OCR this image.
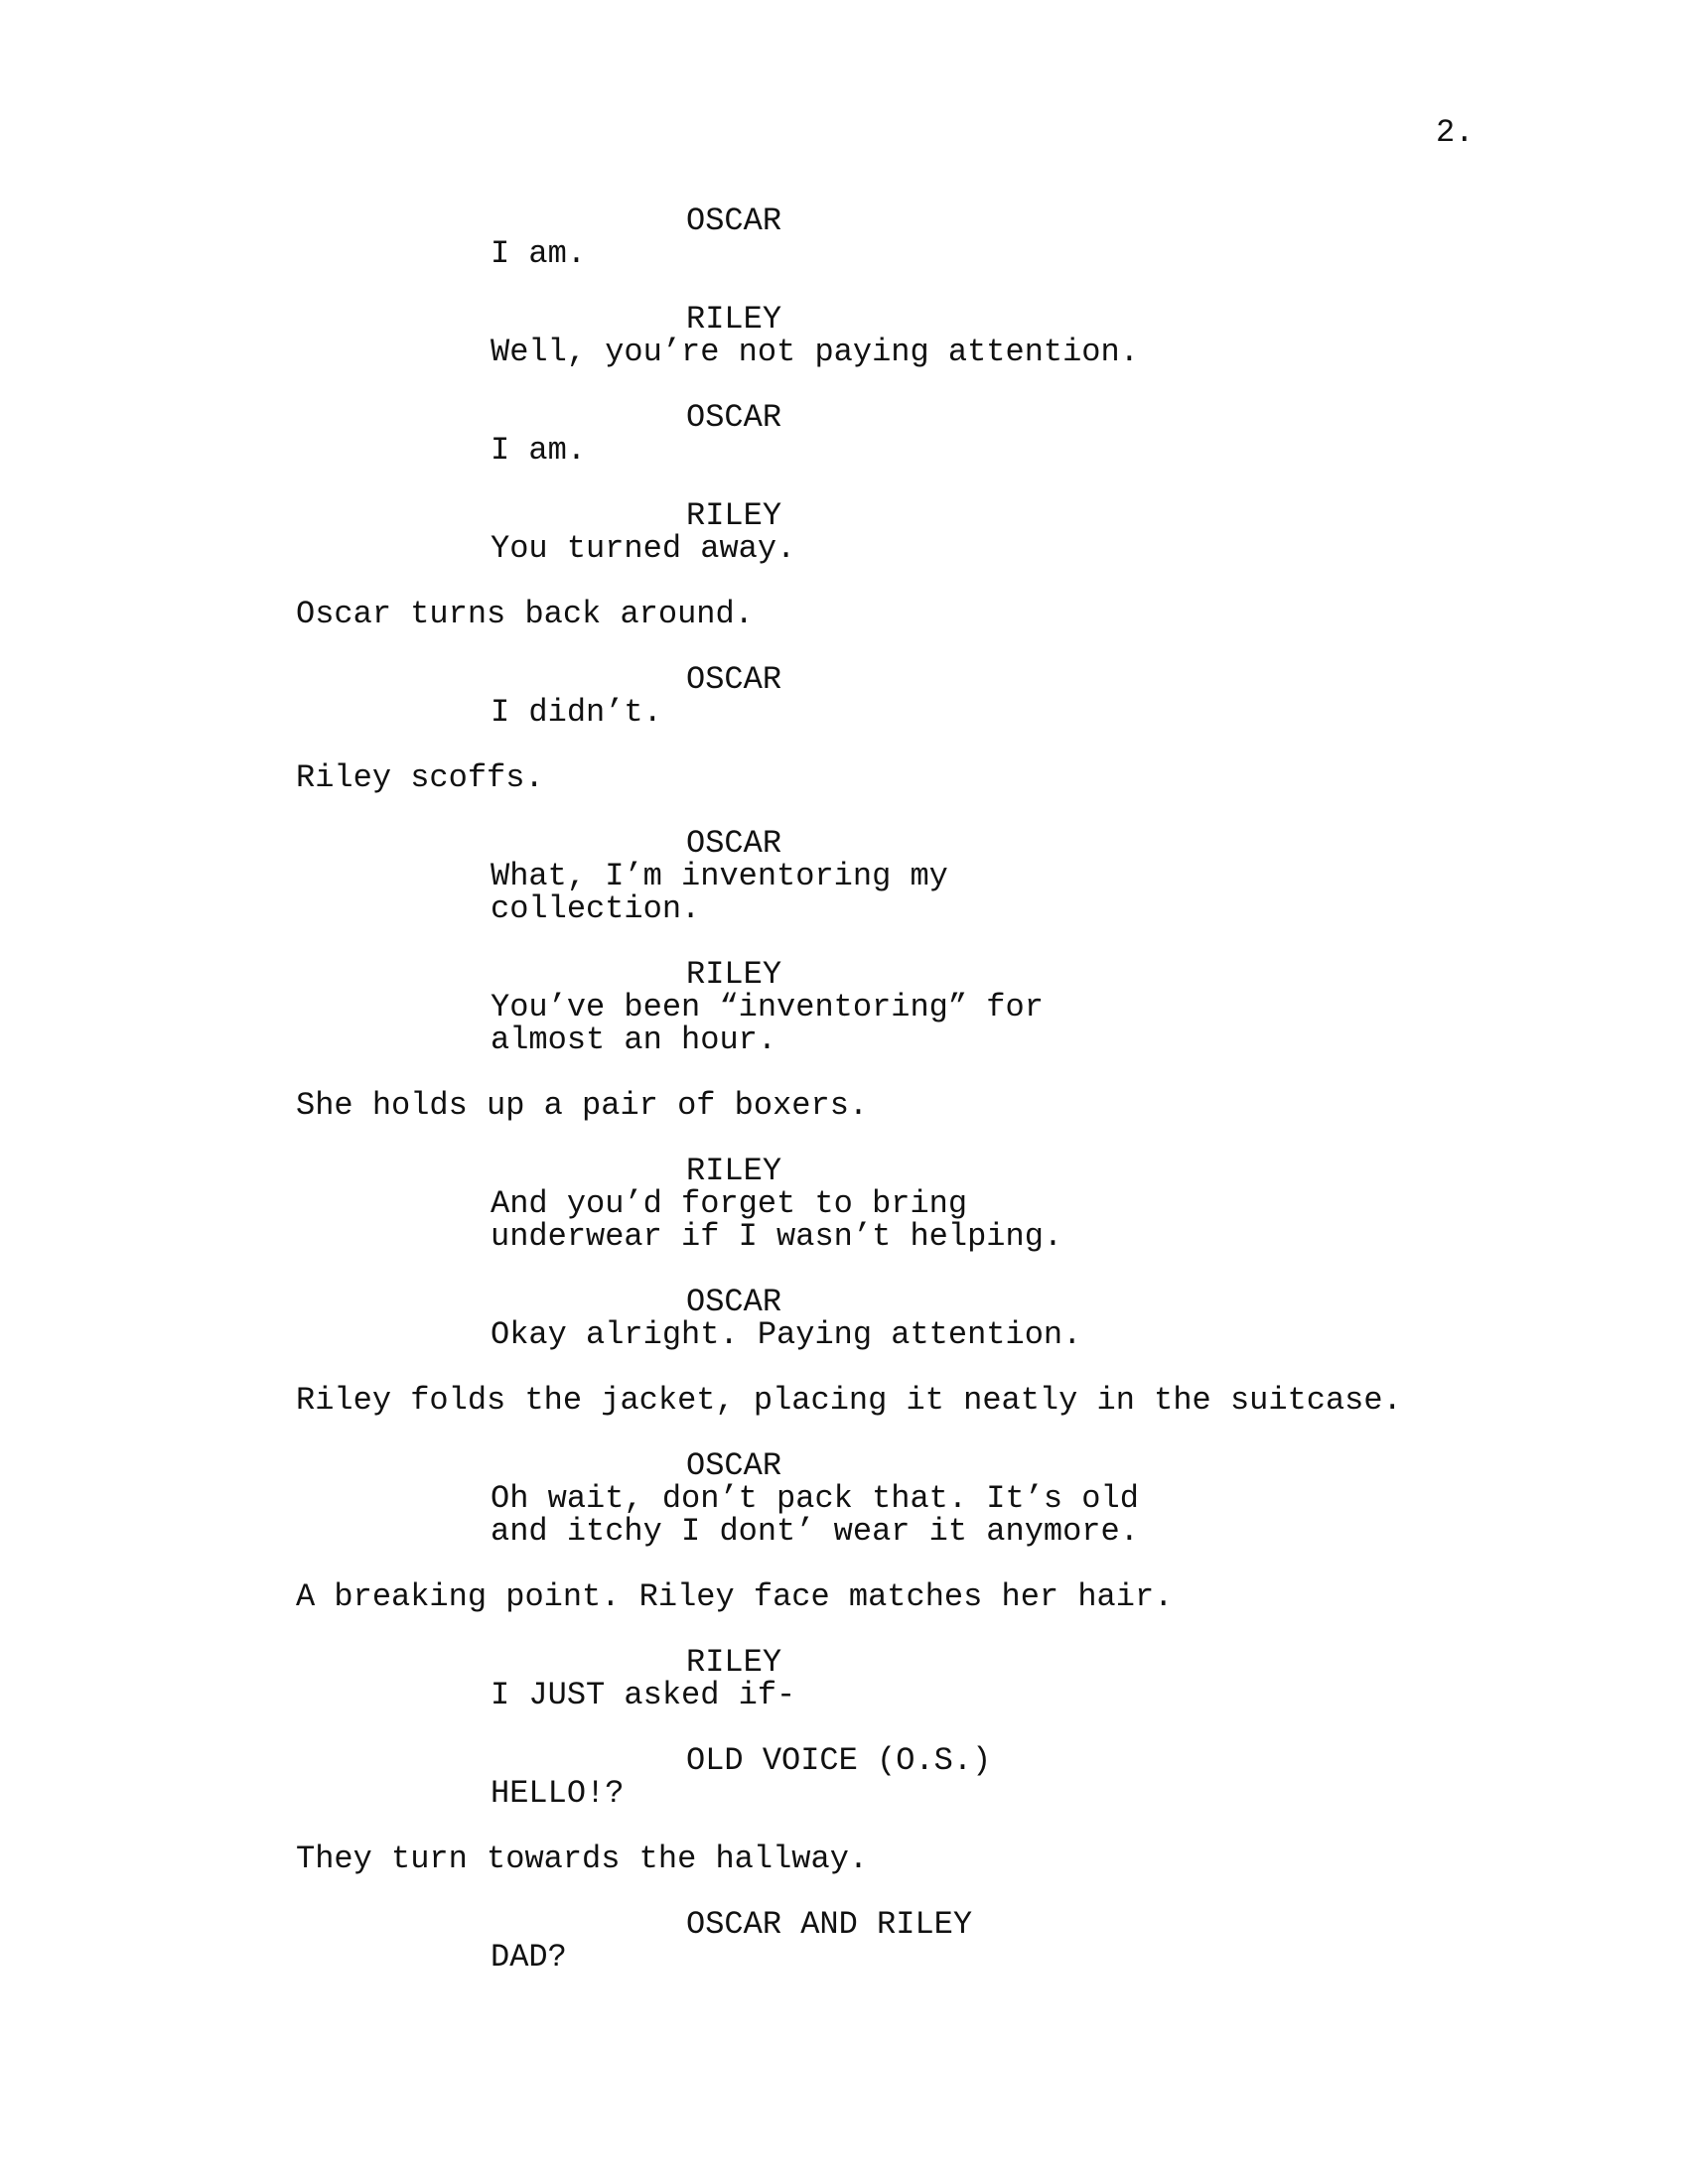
2.
OSCAR
I am.
RILEY
Well, you’re not paying attention.
OSCAR
I am.
RILEY
You turned away.
Oscar turns back around.
OSCAR
I didn’t.
Riley scoffs.
OSCAR
What, I’m inventoring my
collection.
RILEY
You’ve been “inventoring” for
almost an hour.
She holds up a pair of boxers.
RILEY
And you’d forget to bring
underwear if I wasn’t helping.
OSCAR
Okay alright. Paying attention.
Riley folds the jacket, placing it neatly in the suitcase.
OSCAR
Oh wait, don’t pack that. It’s old
and itchy I dont’ wear it anymore.
A breaking point. Riley face matches her hair.
RILEY
I JUST asked if-
OLD VOICE (O.S.)
HELLO!?
They turn towards the hallway.
OSCAR AND RILEY
DAD?
